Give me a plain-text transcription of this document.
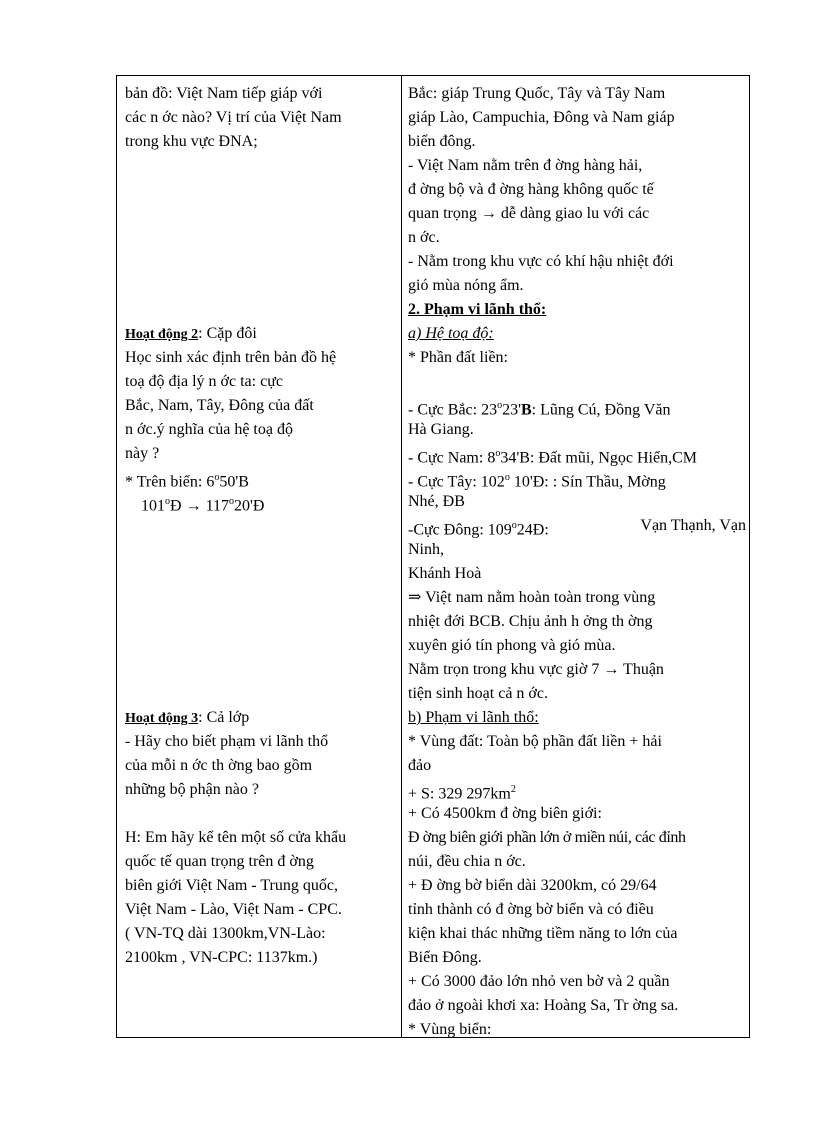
bản đồ: Việt Nam tiếp giáp với
các n ớc nào? Vị trí của Việt Nam
trong khu vực ĐNA;
Hoạt động 2: Cặp đôi
Học sinh xác định trên bản đồ hệ
toạ độ địa lý n ớc ta: cực
Bắc, Nam, Tây, Đông của đất
n ớc.ý nghĩa của hệ toạ độ
này ?
* Trên biển: 6$^o$50'B
$101^oĐ$ → $117^o20'Đ$
Hoạt động 3: Cả lớp
- Hãy cho biết phạm vi lãnh thổ
của mỗi n ớc th ờng bao gồm
những bộ phận nào ?
H: Em hãy kể tên một số cửa khẩu
quốc tế quan trọng trên đ ờng
biên giới Việt Nam - Trung quốc,
Việt Nam - Lào, Việt Nam - CPC.
( VN-TQ dài 1300km,VN-Lào:
2100km , VN-CPC: 1137km.)
Bắc: giáp Trung Quốc, Tây và Tây Nam
giáp Lào, Campuchia, Đông và Nam giáp
biển đông.
- Việt Nam nằm trên đ ờng hàng hải,
đ ờng bộ và đ ờng hàng không quốc tế
quan trọng → dễ dàng giao lu với các
n ớc.
- Nằm trong khu vực có khí hậu nhiệt đới
gió mùa nóng ẩm.
2. Phạm vi lãnh thổ:
a) Hệ toạ độ:
* Phần đất liền:
- Cực Bắc: 23$^o$23'B: Lũng Cú, Đồng Văn
Hà Giang.
- Cực Nam: 8$^o$34'B: Đất mũi, Ngọc Hiển,CM
- Cực Tây: 102$^o$ 10'Đ: : Sín Thầu, Mờng
Nhé, ĐB
-Cực Đông: 109$^o$24Đ:	Vạn Thạnh, Vạn
Ninh,
Khánh Hoà
⇒ Việt nam nằm hoàn toàn trong vùng
nhiệt đới BCB. Chịu ảnh h ởng th ờng
xuyên gió tín phong và gió mùa.
Nằm trọn trong khu vực giờ 7 → Thuận
tiện sinh hoạt cả n ớc.
b) Phạm vi lãnh thổ:
* Vùng đất: Toàn bộ phần đất liền + hải
đảo
+ S: 329 $297km^2$
+ Có 4500km đ ờng biên giới:
Đ ờng biên giới phần lớn ở miền núi, các đỉnh
núi, đều chia n ớc.
+ Đ ờng bờ biển dài 3200km, có 29/64
tỉnh thành có đ ờng bờ biển và có điều
kiện khai thác những tiềm năng to lớn của
Biển Đông.
+ Có 3000 đảo lớn nhỏ ven bờ và 2 quần
đảo ở ngoài khơi xa: Hoàng Sa, Tr ờng sa.
* Vùng biển:
